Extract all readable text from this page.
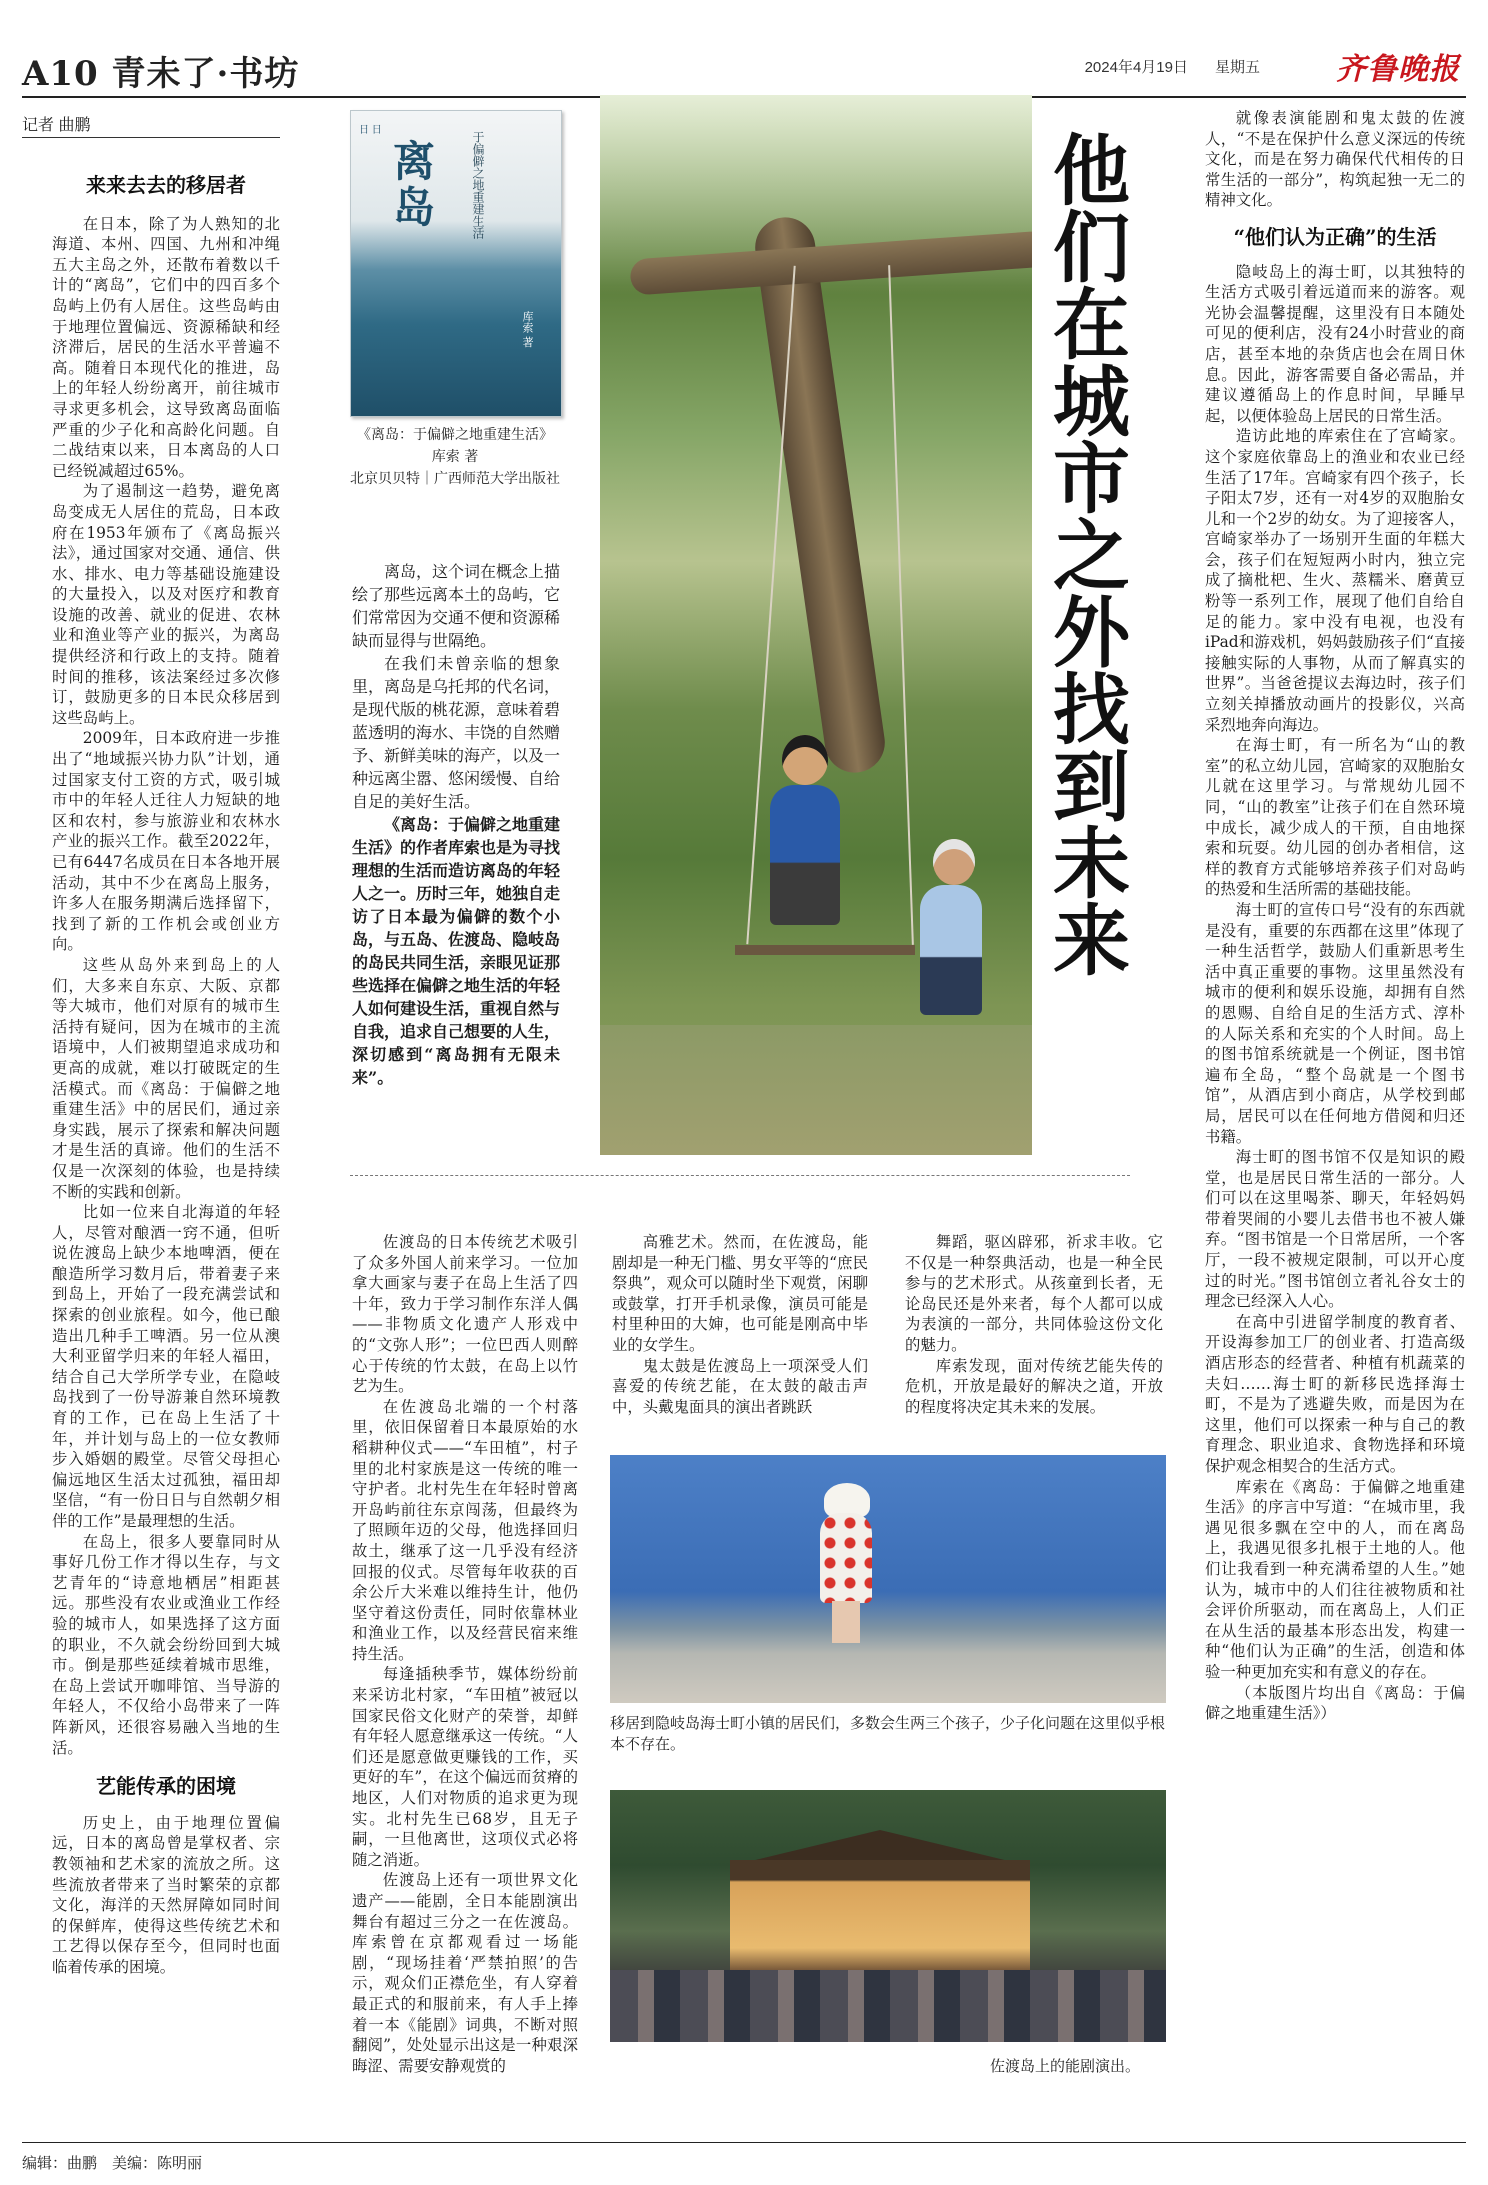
A10 青未了·书坊	2024年4月19日 星期五	齐鲁晚报
记者 曲鹏
来来去去的移居者

在日本，除了为人熟知的北海道、本州、四国、九州和冲绳五大主岛之外，还散布着数以千计的“离岛”，它们中的四百多个岛屿上仍有人居住。这些岛屿由于地理位置偏远、资源稀缺和经济滞后，居民的生活水平普遍不高。随着日本现代化的推进，岛上的年轻人纷纷离开，前往城市寻求更多机会，这导致离岛面临严重的少子化和高龄化问题。自二战结束以来，日本离岛的人口已经锐减超过65%。

为了遏制这一趋势，避免离岛变成无人居住的荒岛，日本政府在1953年颁布了《离岛振兴法》，通过国家对交通、通信、供水、排水、电力等基础设施建设的大量投入，以及对医疗和教育设施的改善、就业的促进、农林业和渔业等产业的振兴，为离岛提供经济和行政上的支持。随着时间的推移，该法案经过多次修订，鼓励更多的日本民众移居到这些岛屿上。

2009年，日本政府进一步推出了“地域振兴协力队”计划，通过国家支付工资的方式，吸引城市中的年轻人迁往人力短缺的地区和农村，参与旅游业和农林水产业的振兴工作。截至2022年，已有6447名成员在日本各地开展活动，其中不少在离岛上服务，许多人在服务期满后选择留下，找到了新的工作机会或创业方向。

这些从岛外来到岛上的人们，大多来自东京、大阪、京都等大城市，他们对原有的城市生活持有疑问，因为在城市的主流语境中，人们被期望追求成功和更高的成就，难以打破既定的生活模式。而《离岛：于偏僻之地重建生活》中的居民们，通过亲身实践，展示了探索和解决问题才是生活的真谛。他们的生活不仅是一次深刻的体验，也是持续不断的实践和创新。

比如一位来自北海道的年轻人，尽管对酿酒一窍不通，但听说佐渡岛上缺少本地啤酒，便在酿造所学习数月后，带着妻子来到岛上，开始了一段充满尝试和探索的创业旅程。如今，他已酿造出几种手工啤酒。另一位从澳大利亚留学归来的年轻人福田，结合自己大学所学专业，在隐岐岛找到了一份导游兼自然环境教育的工作，已在岛上生活了十年，并计划与岛上的一位女教师步入婚姻的殿堂。尽管父母担心偏远地区生活太过孤独，福田却坚信，“有一份日日与自然朝夕相伴的工作”是最理想的生活。

在岛上，很多人要靠同时从事好几份工作才得以生存，与文艺青年的“诗意地栖居”相距甚远。那些没有农业或渔业工作经验的城市人，如果选择了这方面的职业，不久就会纷纷回到大城市。倒是那些延续着城市思维，在岛上尝试开咖啡馆、当导游的年轻人，不仅给小岛带来了一阵阵新风，还很容易融入当地的生活。

艺能传承的困境

历史上，由于地理位置偏远，日本的离岛曾是掌权者、宗教领袖和艺术家的流放之所。这些流放者带来了当时繁荣的京都文化，海洋的天然屏障如同时间的保鲜库，使得这些传统艺术和工艺得以保存至今，但同时也面临着传承的困境。

日 日
离岛	于偏僻之地重建生活
库索 著
《离岛：于偏僻之地重建生活》
库索 著
北京贝贝特｜广西师范大学出版社

离岛，这个词在概念上描绘了那些远离本土的岛屿，它们常常因为交通不便和资源稀缺而显得与世隔绝。

在我们未曾亲临的想象里，离岛是乌托邦的代名词，是现代版的桃花源，意味着碧蓝透明的海水、丰饶的自然赠予、新鲜美味的海产，以及一种远离尘嚣、悠闲缓慢、自给自足的美好生活。

《离岛：于偏僻之地重建生活》的作者库索也是为寻找理想的生活而造访离岛的年轻人之一。历时三年，她独自走访了日本最为偏僻的数个小岛，与五岛、佐渡岛、隐岐岛的岛民共同生活，亲眼见证那些选择在偏僻之地生活的年轻人如何建设生活，重视自然与自我，追求自己想要的人生，深切感到“离岛拥有无限未来”。

他们在城市之外找到未来

佐渡岛的日本传统艺术吸引了众多外国人前来学习。一位加拿大画家与妻子在岛上生活了四十年，致力于学习制作东洋人偶——非物质文化遗产人形戏中的“文弥人形”；一位巴西人则醉心于传统的竹太鼓，在岛上以竹艺为生。

在佐渡岛北端的一个村落里，依旧保留着日本最原始的水稻耕种仪式——“车田植”，村子里的北村家族是这一传统的唯一守护者。北村先生在年轻时曾离开岛屿前往东京闯荡，但最终为了照顾年迈的父母，他选择回归故土，继承了这一几乎没有经济回报的仪式。尽管每年收获的百余公斤大米难以维持生计，他仍坚守着这份责任，同时依靠林业和渔业工作，以及经营民宿来维持生活。

每逢插秧季节，媒体纷纷前来采访北村家，“车田植”被冠以国家民俗文化财产的荣誉，却鲜有年轻人愿意继承这一传统。“人们还是愿意做更赚钱的工作，买更好的车”，在这个偏远而贫瘠的地区，人们对物质的追求更为现实。北村先生已68岁，且无子嗣，一旦他离世，这项仪式必将随之消逝。

佐渡岛上还有一项世界文化遗产——能剧，全日本能剧演出舞台有超过三分之一在佐渡岛。库索曾在京都观看过一场能剧，“现场挂着‘严禁拍照’的告示，观众们正襟危坐，有人穿着最正式的和服前来，有人手上捧着一本《能剧》词典，不断对照翻阅”，处处显示出这是一种艰深晦涩、需要安静观赏的

高雅艺术。然而，在佐渡岛，能剧却是一种无门槛、男女平等的“庶民祭典”，观众可以随时坐下观赏，闲聊或鼓掌，打开手机录像，演员可能是村里种田的大婶，也可能是刚高中毕业的女学生。

鬼太鼓是佐渡岛上一项深受人们喜爱的传统艺能，在太鼓的敲击声中，头戴鬼面具的演出者跳跃

舞蹈，驱凶辟邪，祈求丰收。它不仅是一种祭典活动，也是一种全民参与的艺术形式。从孩童到长者，无论岛民还是外来者，每个人都可以成为表演的一部分，共同体验这份文化的魅力。

库索发现，面对传统艺能失传的危机，开放是最好的解决之道，开放的程度将决定其未来的发展。

移居到隐岐岛海士町小镇的居民们，多数会生两三个孩子，少子化问题在这里似乎根本不存在。
佐渡岛上的能剧演出。

就像表演能剧和鬼太鼓的佐渡人，“不是在保护什么意义深远的传统文化，而是在努力确保代代相传的日常生活的一部分”，构筑起独一无二的精神文化。

“他们认为正确”的生活

隐岐岛上的海士町，以其独特的生活方式吸引着远道而来的游客。观光协会温馨提醒，这里没有日本随处可见的便利店，没有24小时营业的商店，甚至本地的杂货店也会在周日休息。因此，游客需要自备必需品，并建议遵循岛上的作息时间，早睡早起，以便体验岛上居民的日常生活。

造访此地的库索住在了宫崎家。这个家庭依靠岛上的渔业和农业已经生活了17年。宫崎家有四个孩子，长子阳太7岁，还有一对4岁的双胞胎女儿和一个2岁的幼女。为了迎接客人，宫崎家举办了一场别开生面的年糕大会，孩子们在短短两小时内，独立完成了摘枇杷、生火、蒸糯米、磨黄豆粉等一系列工作，展现了他们自给自足的能力。家中没有电视，也没有iPad和游戏机，妈妈鼓励孩子们“直接接触实际的人事物，从而了解真实的世界”。当爸爸提议去海边时，孩子们立刻关掉播放动画片的投影仪，兴高采烈地奔向海边。

在海士町，有一所名为“山的教室”的私立幼儿园，宫崎家的双胞胎女儿就在这里学习。与常规幼儿园不同，“山的教室”让孩子们在自然环境中成长，减少成人的干预，自由地探索和玩耍。幼儿园的创办者相信，这样的教育方式能够培养孩子们对岛屿的热爱和生活所需的基础技能。

海士町的宣传口号“没有的东西就是没有，重要的东西都在这里”体现了一种生活哲学，鼓励人们重新思考生活中真正重要的事物。这里虽然没有城市的便利和娱乐设施，却拥有自然的恩赐、自给自足的生活方式、淳朴的人际关系和充实的个人时间。岛上的图书馆系统就是一个例证，图书馆遍布全岛，“整个岛就是一个图书馆”，从酒店到小商店，从学校到邮局，居民可以在任何地方借阅和归还书籍。

海士町的图书馆不仅是知识的殿堂，也是居民日常生活的一部分。人们可以在这里喝茶、聊天，年轻妈妈带着哭闹的小婴儿去借书也不被人嫌弃。“图书馆是一个日常居所，一个客厅，一段不被规定限制，可以开心度过的时光。”图书馆创立者礼谷女士的理念已经深入人心。

在高中引进留学制度的教育者、开设海参加工厂的创业者、打造高级酒店形态的经营者、种植有机蔬菜的夫妇……海士町的新移民选择海士町，不是为了逃避失败，而是因为在这里，他们可以探索一种与自己的教育理念、职业追求、食物选择和环境保护观念相契合的生活方式。

库索在《离岛：于偏僻之地重建生活》的序言中写道：“在城市里，我遇见很多飘在空中的人，而在离岛上，我遇见很多扎根于土地的人。他们让我看到一种充满希望的人生。”她认为，城市中的人们往往被物质和社会评价所驱动，而在离岛上，人们正在从生活的最基本形态出发，构建一种“他们认为正确”的生活，创造和体验一种更加充实和有意义的存在。

（本版图片均出自《离岛：于偏僻之地重建生活》）

编辑：曲鹏　美编：陈明丽
